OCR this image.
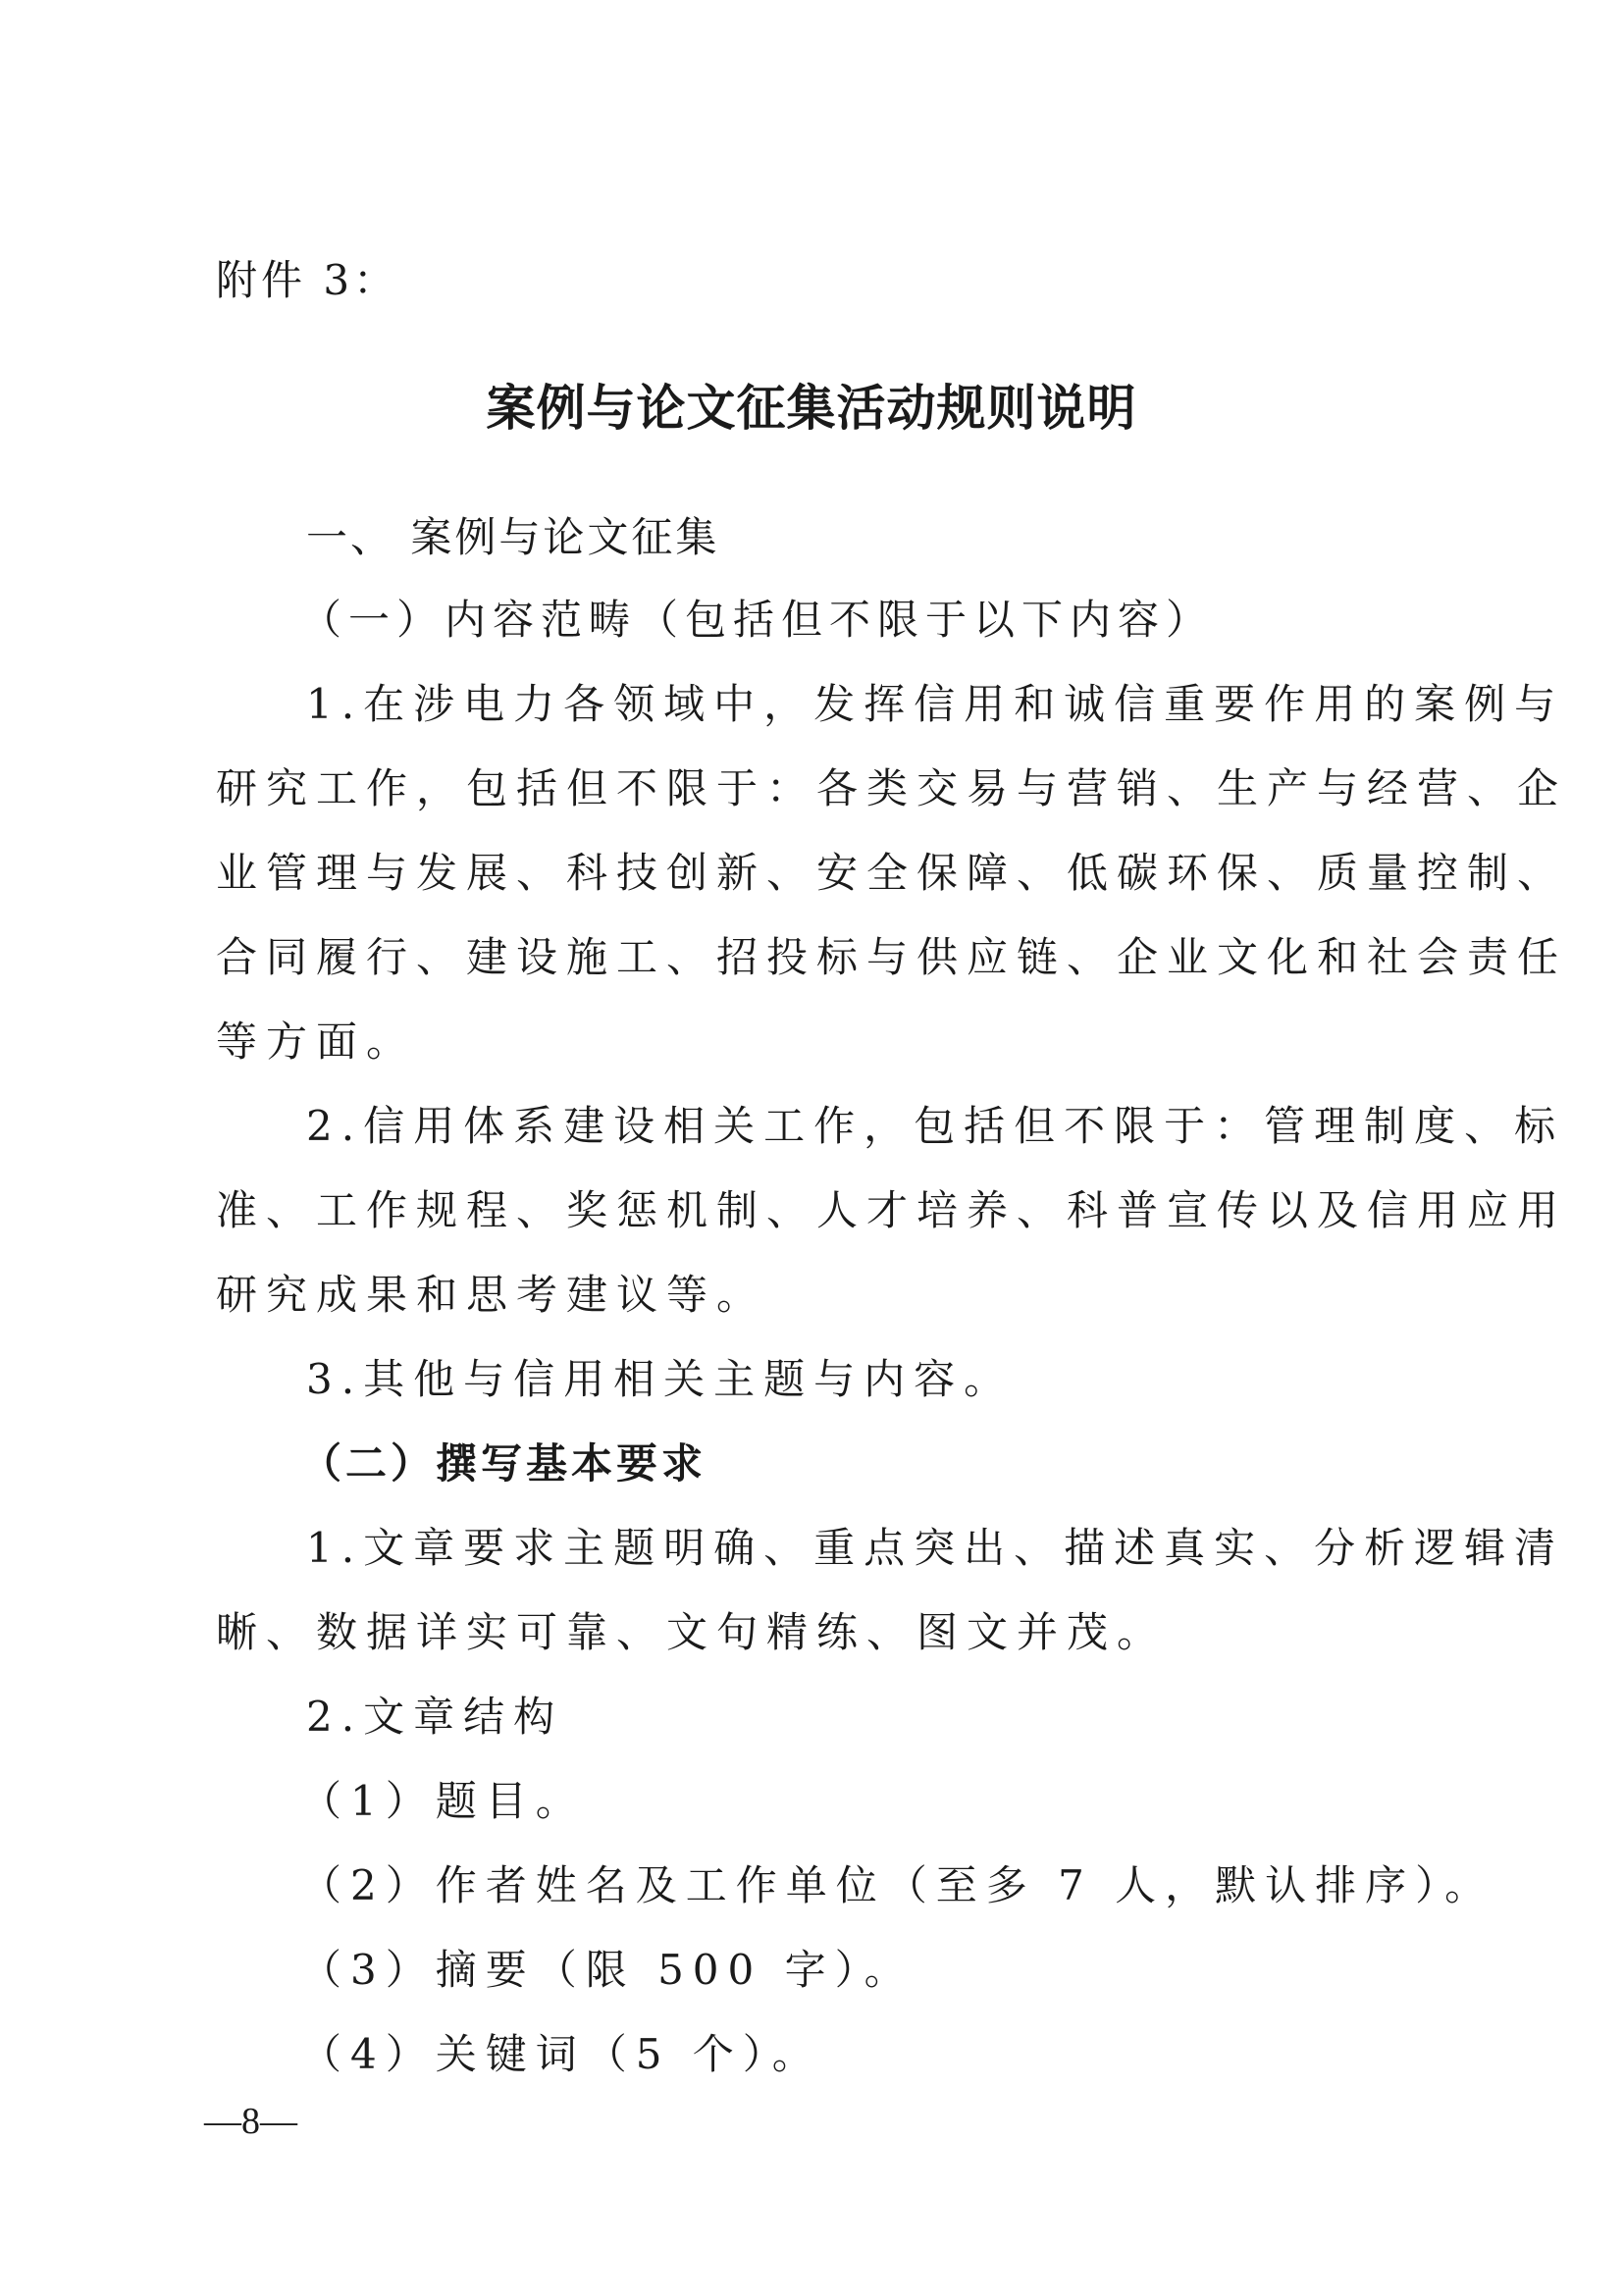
附件 3：
案例与论文征集活动规则说明
一、 案例与论文征集
（一）内容范畴（包括但不限于以下内容）
1.在涉电力各领域中，发挥信用和诚信重要作用的案例与
研究工作，包括但不限于：各类交易与营销、生产与经营、企
业管理与发展、科技创新、安全保障、低碳环保、质量控制、
合同履行、建设施工、招投标与供应链、企业文化和社会责任
等方面。
2.信用体系建设相关工作，包括但不限于：管理制度、标
准、工作规程、奖惩机制、人才培养、科普宣传以及信用应用
研究成果和思考建议等。
3.其他与信用相关主题与内容。
（二）撰写基本要求
1.文章要求主题明确、重点突出、描述真实、分析逻辑清
晰、数据详实可靠、文句精练、图文并茂。
2.文章结构
（1）题目。
（2）作者姓名及工作单位（至多 7 人，默认排序）。
（3）摘要（限 500 字）。
（4）关键词（5 个）。
—8—
